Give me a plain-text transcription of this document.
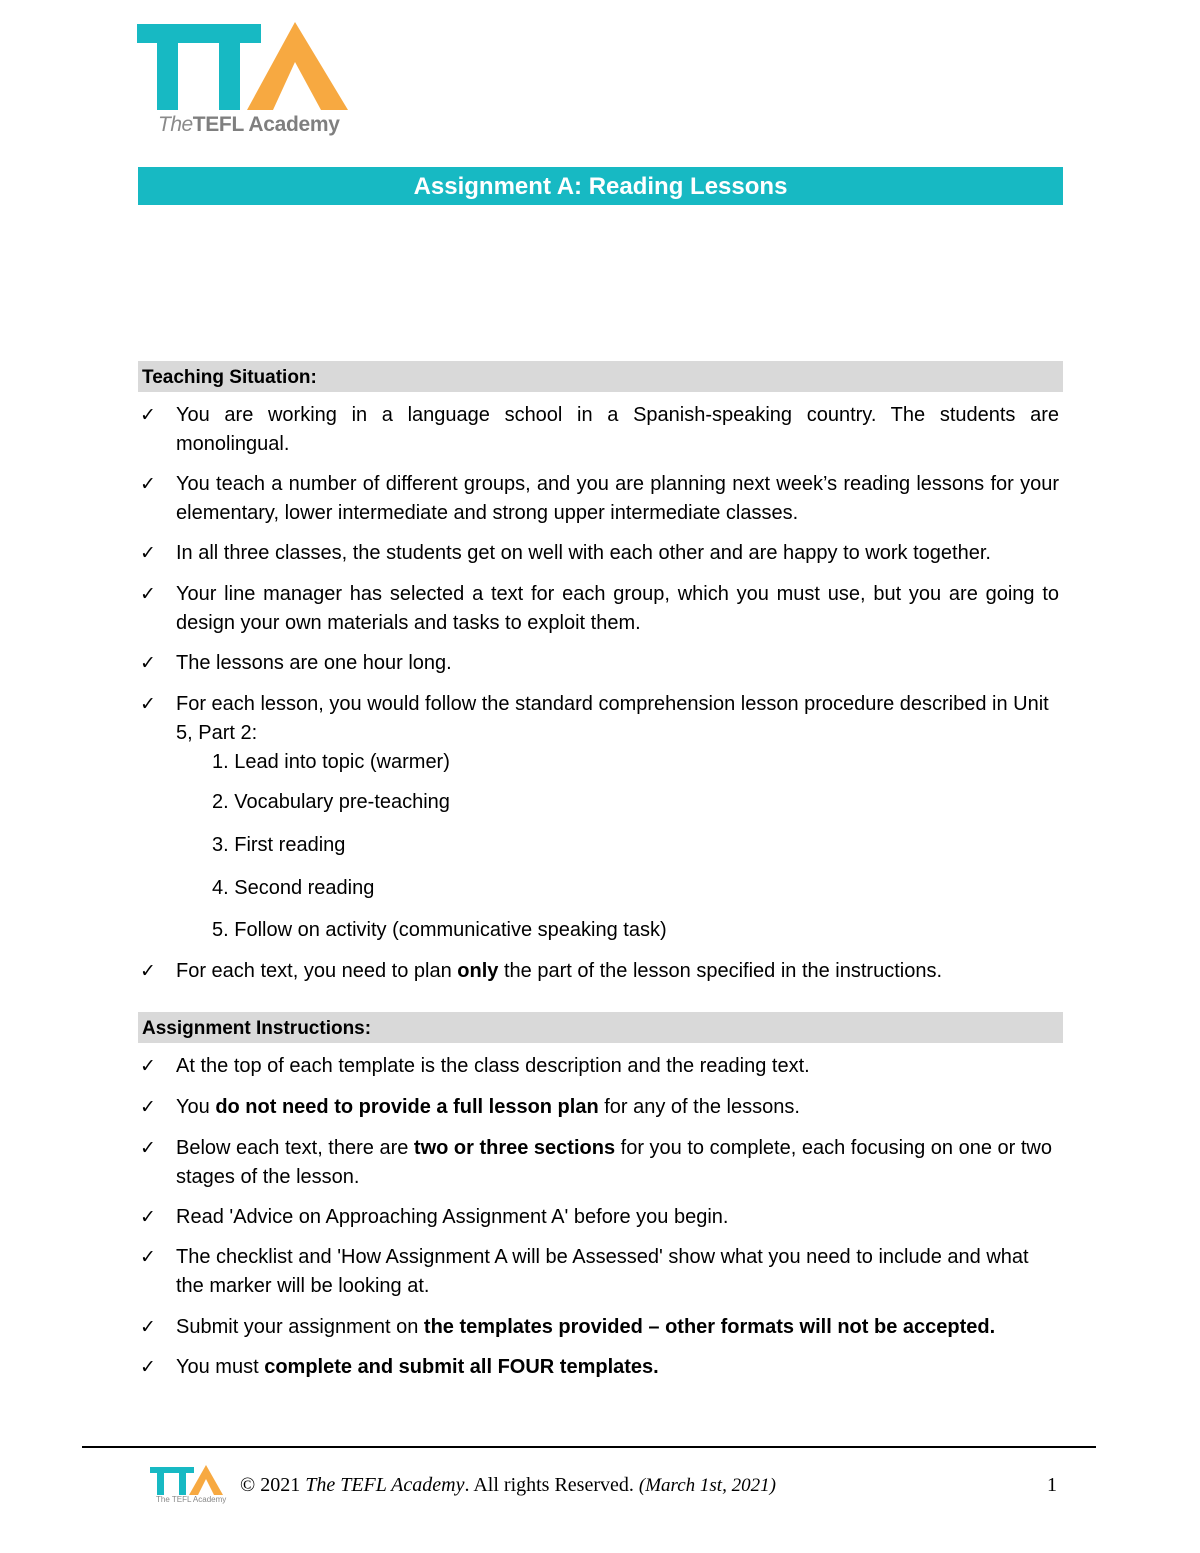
TheTEFL Academy
Assignment A: Reading Lessons
Teaching Situation:
✓ You are working in a language school in a Spanish-speaking country. The students are monolingual.
✓ You teach a number of different groups, and you are planning next week’s reading lessons for your elementary, lower intermediate and strong upper intermediate classes.
✓ In all three classes, the students get on well with each other and are happy to work together.
✓ Your line manager has selected a text for each group, which you must use, but you are going to design your own materials and tasks to exploit them.
✓ The lessons are one hour long.
✓ For each lesson, you would follow the standard comprehension lesson procedure described in Unit 5, Part 2:
1. Lead into topic (warmer)
2. Vocabulary pre-teaching
3. First reading
4. Second reading
5. Follow on activity (communicative speaking task)
✓ For each text, you need to plan only the part of the lesson specified in the instructions.
Assignment Instructions:
✓ At the top of each template is the class description and the reading text.
✓ You do not need to provide a full lesson plan for any of the lessons.
✓ Below each text, there are two or three sections for you to complete, each focusing on one or two stages of the lesson.
✓ Read 'Advice on Approaching Assignment A' before you begin.
✓ The checklist and 'How Assignment A will be Assessed' show what you need to include and what the marker will be looking at.
✓ Submit your assignment on the templates provided – other formats will not be accepted.
✓ You must complete and submit all FOUR templates.
The TEFL Academy
© 2021 The TEFL Academy. All rights Reserved. (March 1st, 2021)	1
